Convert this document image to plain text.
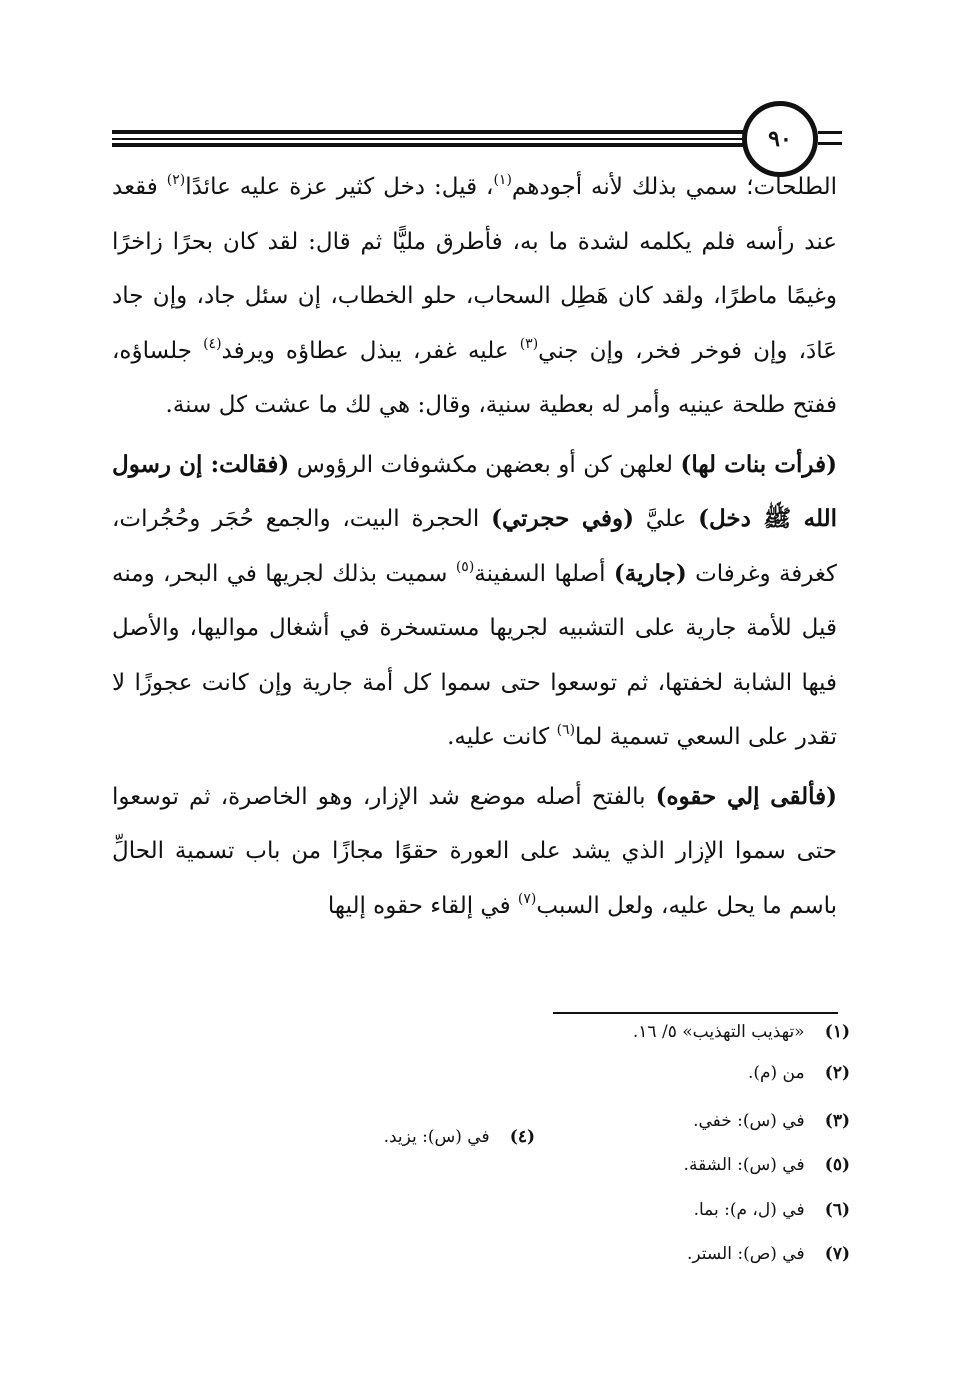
٩٠

الطلحات؛ سمي بذلك لأنه أجودهم$^{(١)}$، قيل: دخل كثير عزة عليه عائدًا$^{(٢)}$ فقعد عند رأسه فلم يكلمه لشدة ما به، فأطرق مليًّا ثم قال: لقد كان بحرًا زاخرًا وغيمًا ماطرًا، ولقد كان هَطِل السحاب، حلو الخطاب، إن سئل جاد، وإن جاد عَادَ، وإن فوخر فخر، وإن جني$^{(٣)}$ عليه غفر، يبذل عطاؤه ويرفد$^{(٤)}$ جلساؤه، ففتح طلحة عينيه وأمر له بعطية سنية، وقال: هي لك ما عشت كل سنة.

(فرأت بنات لها) لعلهن كن أو بعضهن مكشوفات الرؤوس (فقالت: إن رسول الله ﷺ دخل) عليَّ (وفي حجرتي) الحجرة البيت، والجمع حُجَر وحُجُرات، كغرفة وغرفات (جارية) أصلها السفينة$^{(٥)}$ سميت بذلك لجريها في البحر، ومنه قيل للأمة جارية على التشبيه لجريها مستسخرة في أشغال مواليها، والأصل فيها الشابة لخفتها، ثم توسعوا حتى سموا كل أمة جارية وإن كانت عجوزًا لا تقدر على السعي تسمية لما$^{(٦)}$ كانت عليه.

(فألقى إلي حقوه) بالفتح أصله موضع شد الإزار، وهو الخاصرة، ثم توسعوا حتى سموا الإزار الذي يشد على العورة حقوًا مجازًا من باب تسمية الحالِّ باسم ما يحل عليه، ولعل السبب$^{(٧)}$ في إلقاء حقوه إليها

(١) «تهذيب التهذيب» ٥/ ١٦.
(٢) من (م).
(٣) في (س): خفي.
(٤) في (س): يزيد.
(٥) في (س): الشقة.
(٦) في (ل، م): بما.
(٧) في (ص): الستر.
